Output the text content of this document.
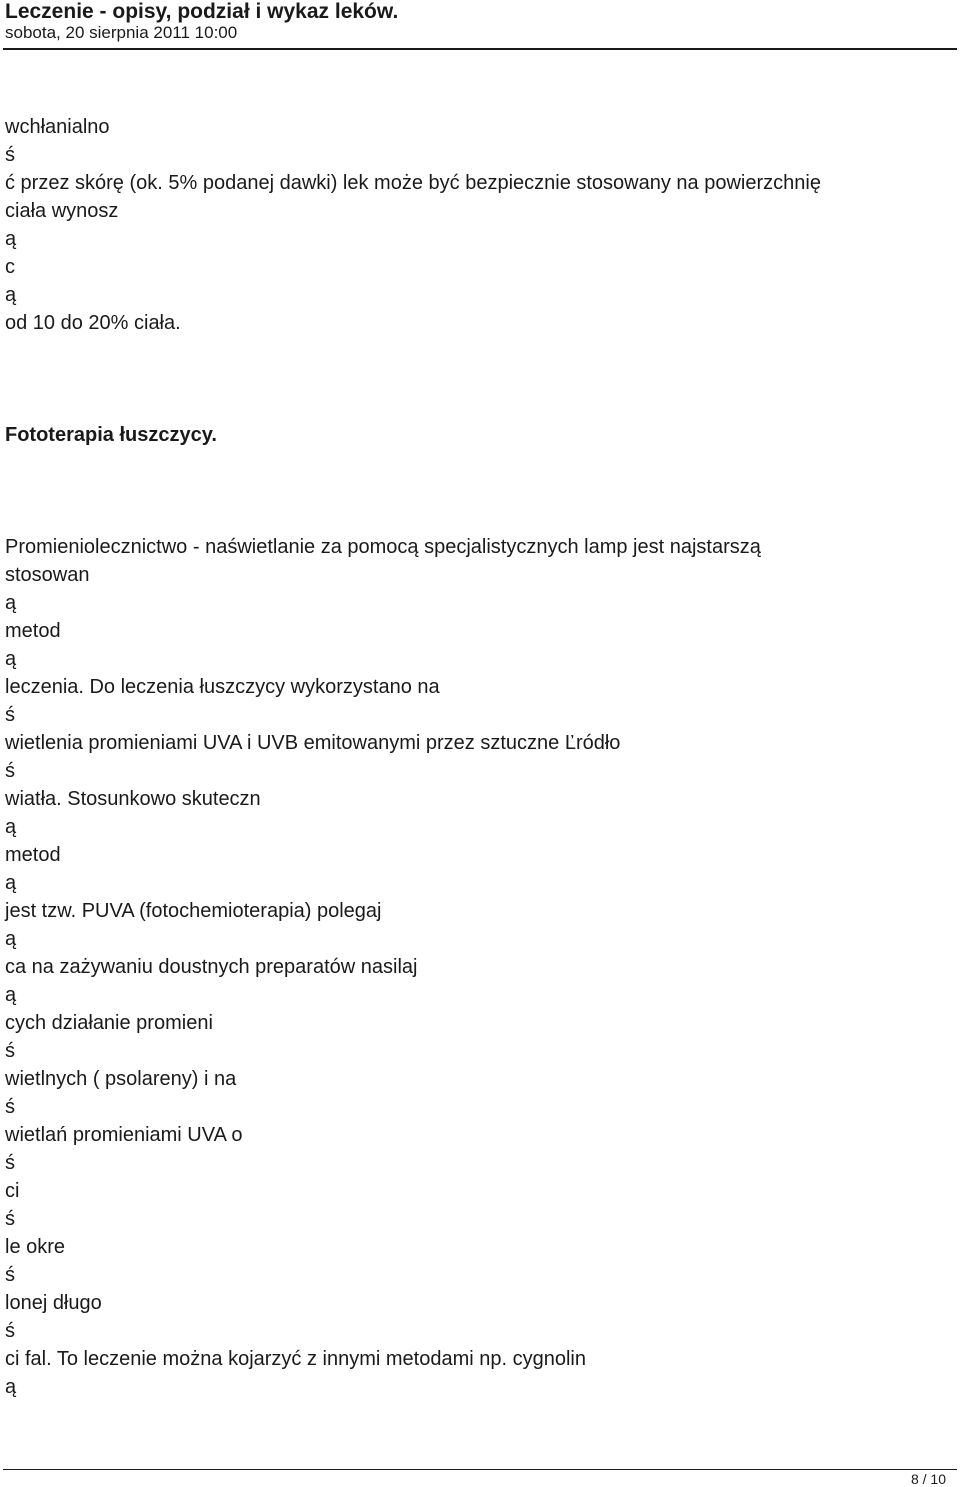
Leczenie - opisy, podział i wykaz leków.
sobota, 20 sierpnia 2011 10:00
wchłanialno
ś
ć przez skórę (ok. 5% podanej dawki) lek może być bezpiecznie stosowany na powierzchnię
ciała wynosz
ą
c
ą
od 10 do 20% ciała.
Fototerapia łuszczycy.
Promieniolecznictwo - naświetlanie za pomocą specjalistycznych lamp jest najstarszą
stosowan
ą
metod
ą
leczenia. Do leczenia łuszczycy wykorzystano na
ś
wietlenia promieniami UVA i UVB emitowanymi przez sztuczne Ľródło
ś
wiatła. Stosunkowo skuteczn
ą
metod
ą
jest tzw. PUVA (fotochemioterapia) polegaj
ą
ca na zażywaniu doustnych preparatów nasilaj
ą
cych działanie promieni
ś
wietlnych ( psolareny) i na
ś
wietlań promieniami UVA o
ś
ci
ś
le okre
ś
lonej długo
ś
ci fal. To leczenie można kojarzyć z innymi metodami np. cygnolin
ą
8 / 10
